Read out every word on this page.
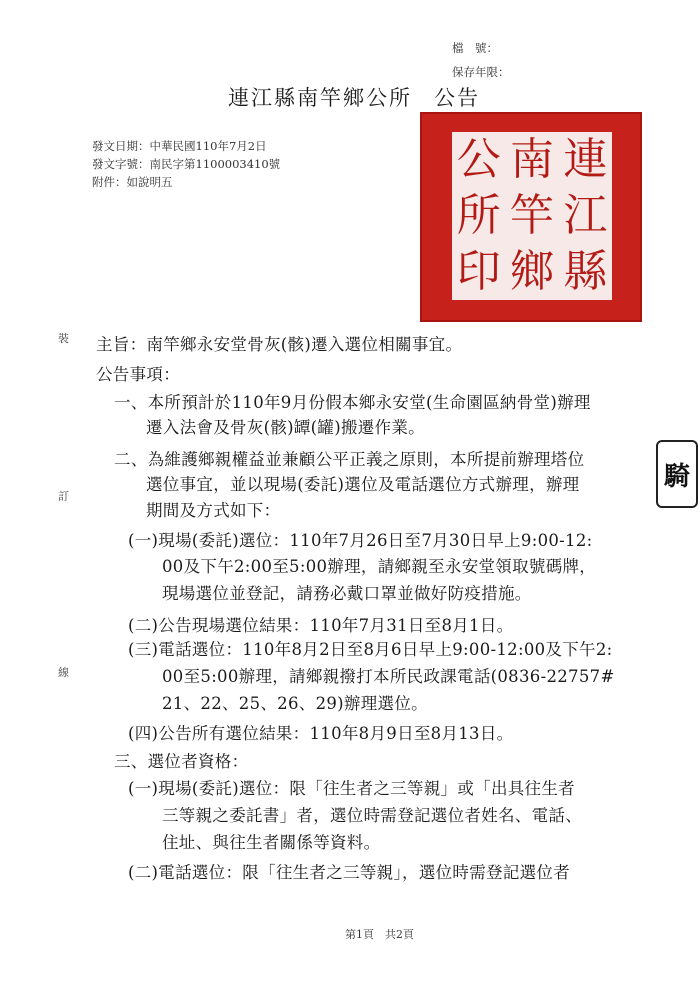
檔　號：
保存年限：
連江縣南竿鄉公所 公告
發文日期：中華民國110年7月2日
發文字號：南民字第1100003410號
附件：如說明五	連
南
公
江
竿
所
縣
鄉
印
裝
訂
線
騎
主旨：南竿鄉永安堂骨灰(骸)遷入選位相關事宜。
公告事項：
一、本所預計於110年9月份假本鄉永安堂(生命園區納骨堂)辦理
遷入法會及骨灰(骸)罈(罐)搬遷作業。
二、為維護鄉親權益並兼顧公平正義之原則，本所提前辦理塔位
選位事宜，並以現場(委託)選位及電話選位方式辦理，辦理
期間及方式如下：
(一)現場(委託)選位：110年7月26日至7月30日早上9:00-12:
00及下午2:00至5:00辦理，請鄉親至永安堂領取號碼牌，
現場選位並登記，請務必戴口罩並做好防疫措施。
(二)公告現場選位結果：110年7月31日至8月1日。
(三)電話選位：110年8月2日至8月6日早上9:00-12:00及下午2:
00至5:00辦理，請鄉親撥打本所民政課電話(0836-22757#
21、22、25、26、29)辦理選位。
(四)公告所有選位結果：110年8月9日至8月13日。
三、選位者資格：
(一)現場(委託)選位：限「往生者之三等親」或「出具往生者
三等親之委託書」者，選位時需登記選位者姓名、電話、
住址、與往生者關係等資料。
(二)電話選位：限「往生者之三等親」，選位時需登記選位者
第1頁　共2頁
